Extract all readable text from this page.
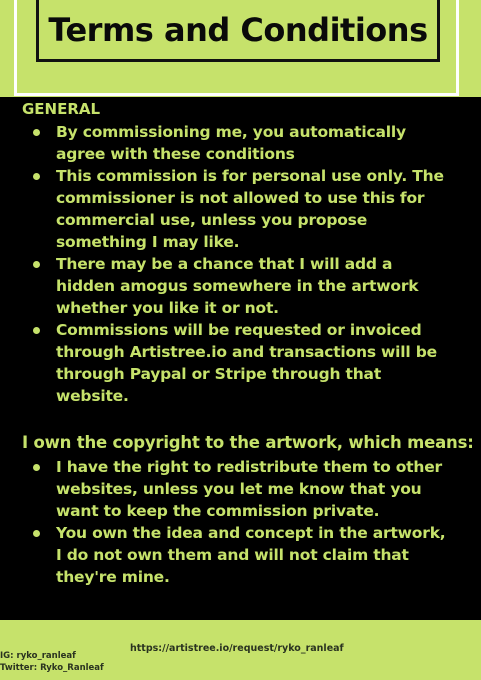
Terms and Conditions
GENERAL
By commissioning me, you automatically agree with these conditions
This commission is for personal use only. The commissioner is not allowed to use this for commercial use, unless you propose something I may like.
There may be a chance that I will add a hidden amogus somewhere in the artwork whether you like it or not.
Commissions will be requested or invoiced through Artistree.io and transactions will be through Paypal or Stripe through that website.
I own the copyright to the artwork, which means:
I have the right to redistribute them to other websites, unless you let me know that you want to keep the commission private.
You own the idea and concept in the artwork, I do not own them and will not claim that they're mine.
https://artistree.io/request/ryko_ranleaf
IG: ryko_ranleaf
Twitter: Ryko_Ranleaf
